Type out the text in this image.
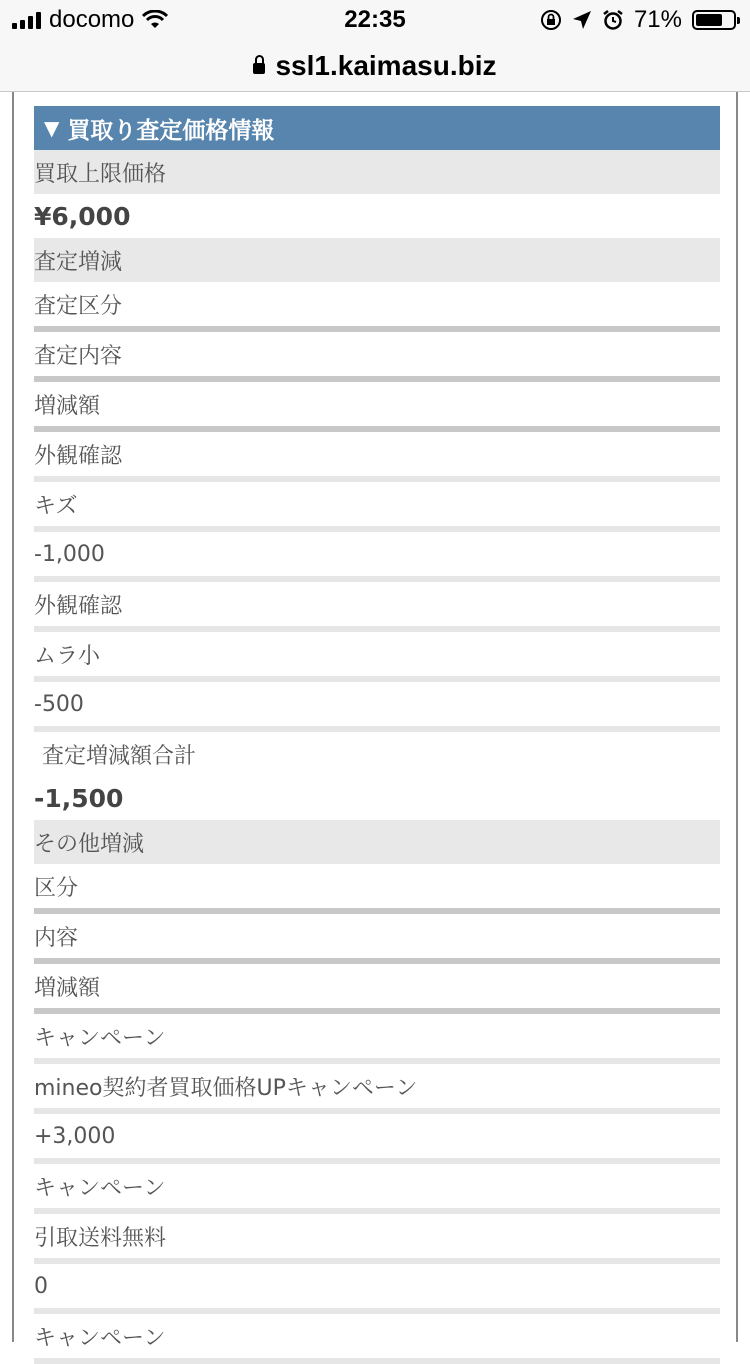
docomo	22:35	71%
ssl1.kaimasu.biz
▼ 買取り査定価格情報
買取上限価格
¥6,000
査定増減
査定区分
査定内容
増減額
外観確認
キズ
-1,000
外観確認
ムラ小
-500
査定増減額合計
-1,500
その他増減
区分
内容
増減額
キャンペーン
mineo契約者買取価格UPキャンペーン
+3,000
キャンペーン
引取送料無料
0
キャンペーン
